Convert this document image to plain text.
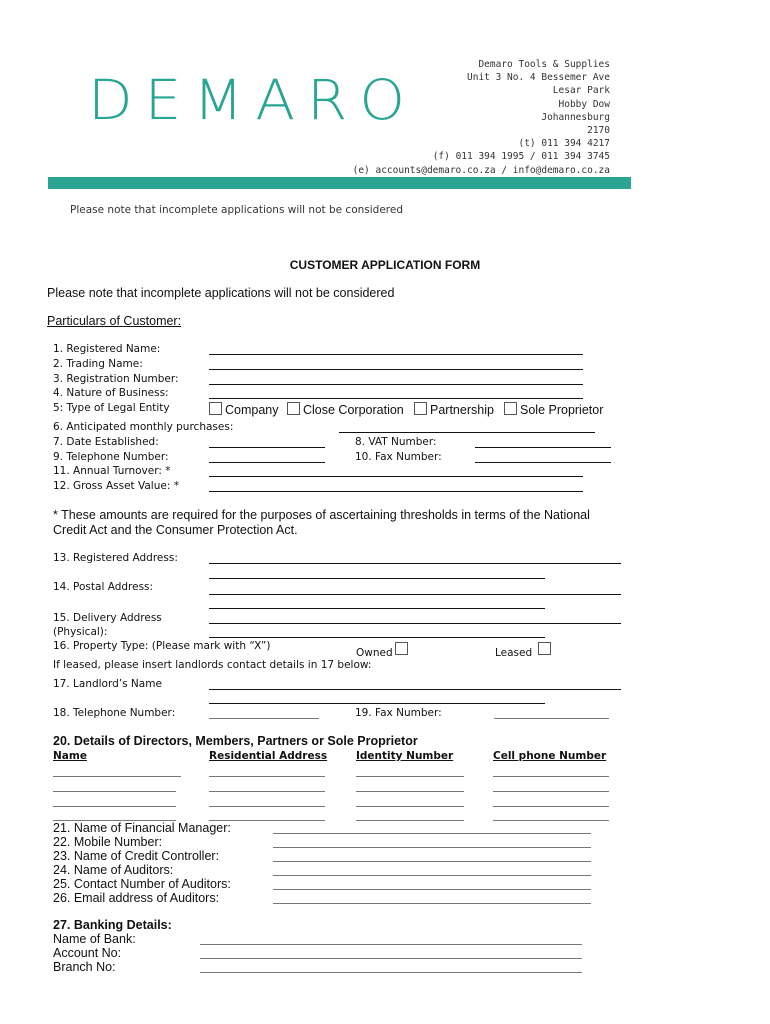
DEMARO
Demaro Tools & Supplies
Unit 3 No. 4 Bessemer Ave
Lesar Park
Hobby Dow
Johannesburg
2170
(t) 011 394 4217
(f) 011 394 1995 / 011 394 3745
(e) accounts@demaro.co.za / info@demaro.co.za
Please note that incomplete applications will not be considered
CUSTOMER APPLICATION FORM
Please note that incomplete applications will not be considered
Particulars of Customer:
1. Registered Name:
2. Trading Name:
3. Registration Number:
4. Nature of Business:
5: Type of Legal Entity	Company	Close Corporation	Partnership	Sole Proprietor
6. Anticipated monthly purchases:
7. Date Established:	8. VAT Number:
9. Telephone Number:	10. Fax Number:
11. Annual Turnover: *
12. Gross Asset Value: *
* These amounts are required for the purposes of ascertaining thresholds in terms of the National
Credit Act and the Consumer Protection Act.
13. Registered Address:
14. Postal Address:
15. Delivery Address
(Physical):
16. Property Type: (Please mark with “X”)
Owned	Leased
If leased, please insert landlords contact details in 17 below:
17. Landlord’s Name
18. Telephone Number:	19. Fax Number:
20. Details of Directors, Members, Partners or Sole Proprietor
Name	Residential Address	Identity Number	Cell phone Number
21. Name of Financial Manager:
22. Mobile Number:
23. Name of Credit Controller:
24. Name of Auditors:
25. Contact Number of Auditors:
26. Email address of Auditors:
27. Banking Details:
Name of Bank:
Account No:
Branch No:
